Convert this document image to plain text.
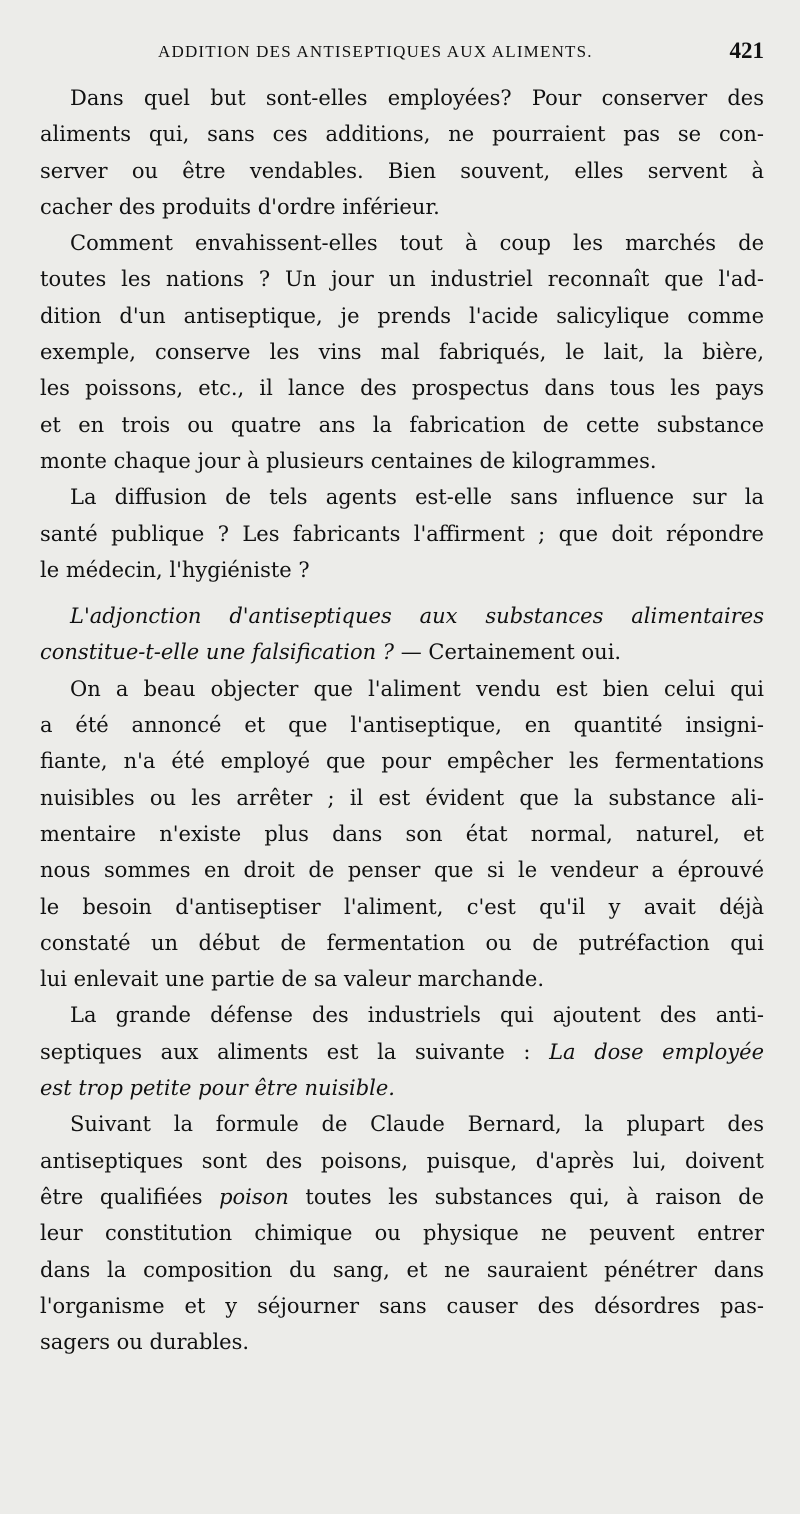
ADDITION DES ANTISEPTIQUES AUX ALIMENTS.	421
Dans quel but sont-elles employées? Pour conserver des
aliments qui, sans ces additions, ne pourraient pas se con-
server ou être vendables. Bien souvent, elles servent à
cacher des produits d'ordre inférieur.
Comment envahissent-elles tout à coup les marchés de
toutes les nations ? Un jour un industriel reconnaît que l'ad-
dition d'un antiseptique, je prends l'acide salicylique comme
exemple, conserve les vins mal fabriqués, le lait, la bière,
les poissons, etc., il lance des prospectus dans tous les pays
et en trois ou quatre ans la fabrication de cette substance
monte chaque jour à plusieurs centaines de kilogrammes.
La diffusion de tels agents est-elle sans influence sur la
santé publique ? Les fabricants l'affirment ; que doit répondre
le médecin, l'hygiéniste ?
L'adjonction d'antiseptiques aux substances alimentaires
constitue-t-elle une falsification ? — Certainement oui.
On a beau objecter que l'aliment vendu est bien celui qui
a été annoncé et que l'antiseptique, en quantité insigni-
fiante, n'a été employé que pour empêcher les fermentations
nuisibles ou les arrêter ; il est évident que la substance ali-
mentaire n'existe plus dans son état normal, naturel, et
nous sommes en droit de penser que si le vendeur a éprouvé
le besoin d'antiseptiser l'aliment, c'est qu'il y avait déjà
constaté un début de fermentation ou de putréfaction qui
lui enlevait une partie de sa valeur marchande.
La grande défense des industriels qui ajoutent des anti-
septiques aux aliments est la suivante : La dose employée
est trop petite pour être nuisible.
Suivant la formule de Claude Bernard, la plupart des
antiseptiques sont des poisons, puisque, d'après lui, doivent
être qualifiées poison toutes les substances qui, à raison de
leur constitution chimique ou physique ne peuvent entrer
dans la composition du sang, et ne sauraient pénétrer dans
l'organisme et y séjourner sans causer des désordres pas-
sagers ou durables.
